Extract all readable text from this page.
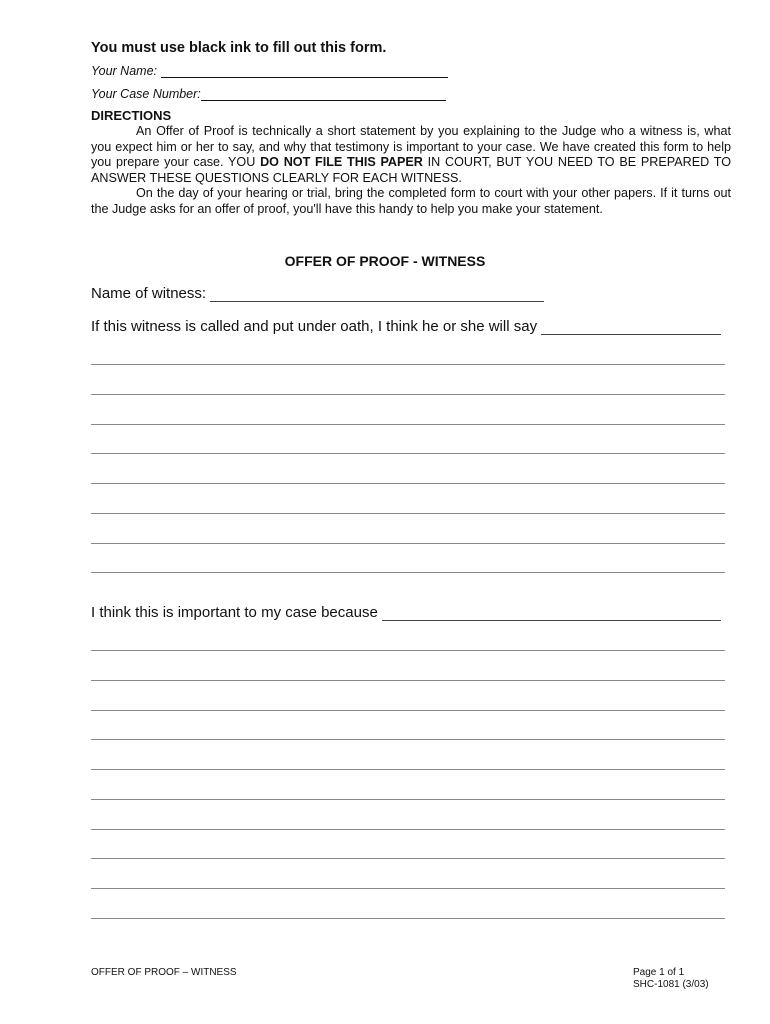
You must use black ink to fill out this form.
Your Name:
Your Case Number:
DIRECTIONS

An Offer of Proof is technically a short statement by you explaining to the Judge who a witness is, what you expect him or her to say, and why that testimony is important to your case. We have created this form to help you prepare your case. YOU DO NOT FILE THIS PAPER IN COURT, BUT YOU NEED TO BE PREPARED TO ANSWER THESE QUESTIONS CLEARLY FOR EACH WITNESS.

On the day of your hearing or trial, bring the completed form to court with your other papers. If it turns out the Judge asks for an offer of proof, you'll have this handy to help you make your statement.

OFFER OF PROOF - WITNESS
Name of witness:
If this witness is called and put under oath, I think he or she will say
I think this is important to my case because
OFFER OF PROOF – WITNESS	Page 1 of 1
SHC-1081 (3/03)
